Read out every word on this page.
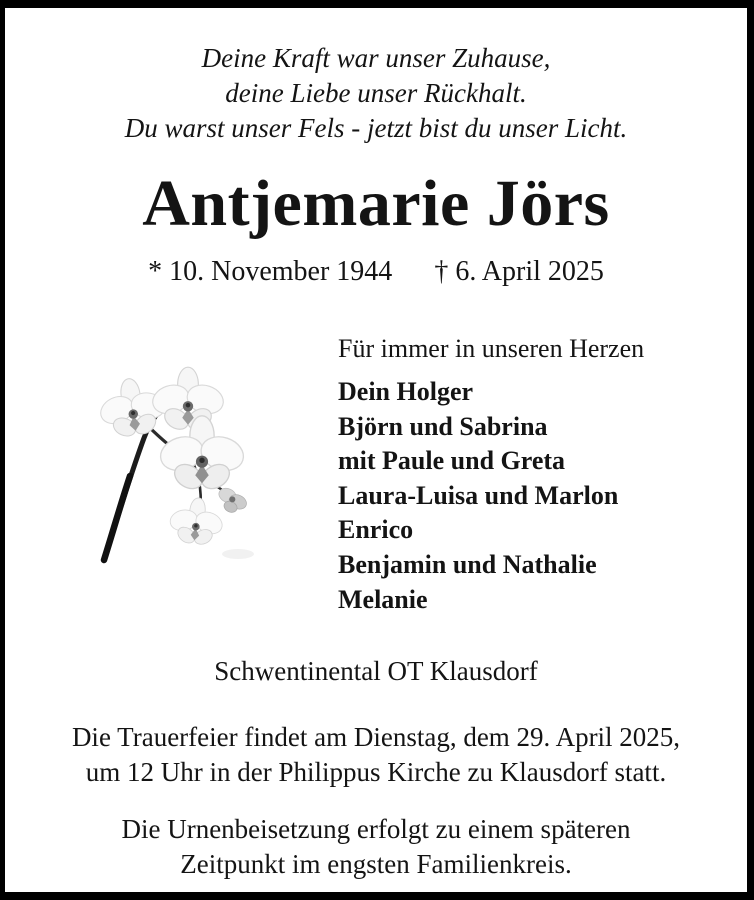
Deine Kraft war unser Zuhause,
deine Liebe unser Rückhalt.
Du warst unser Fels - jetzt bist du unser Licht.
Antjemarie Jörs
* 10. November 1944 † 6. April 2025
Für immer in unseren Herzen
Dein Holger
Björn und Sabrina
mit Paule und Greta
Laura-Luisa und Marlon
Enrico
Benjamin und Nathalie
Melanie
Schwentinental OT Klausdorf
Die Trauerfeier findet am Dienstag, dem 29. April 2025,
um 12 Uhr in der Philippus Kirche zu Klausdorf statt.
Die Urnenbeisetzung erfolgt zu einem späteren
Zeitpunkt im engsten Familienkreis.
